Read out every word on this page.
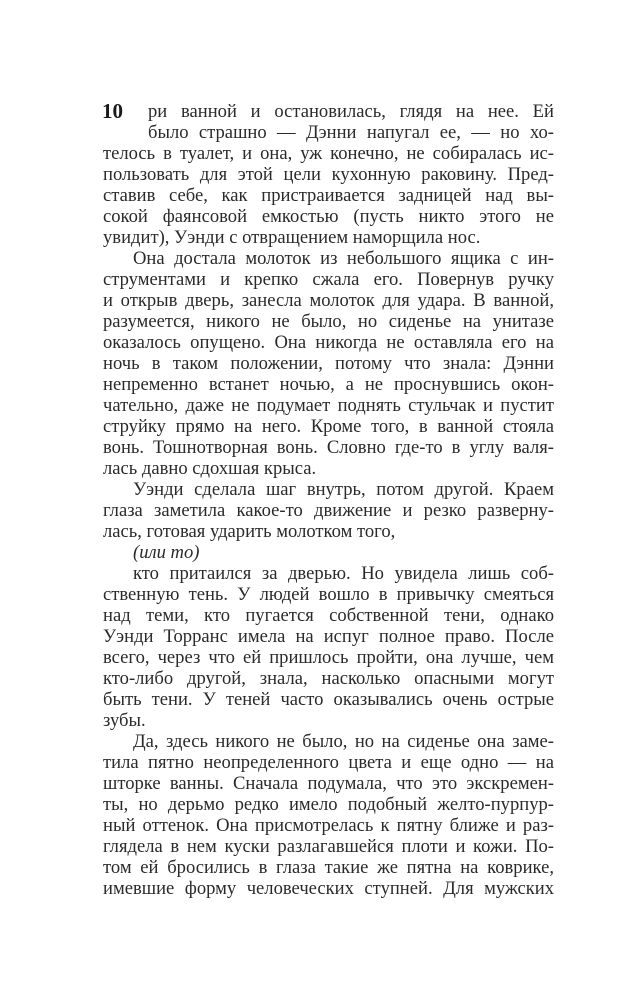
10	ри ванной и остановилась, глядя на нее. Ей
было страшно — Дэнни напугал ее, — но хо-
телось в туалет, и она, уж конечно, не собиралась ис-
пользовать для этой цели кухонную раковину. Пред-
ставив себе, как пристраивается задницей над вы-
сокой фаянсовой емкостью (пусть никто этого не
увидит), Уэнди с отвращением наморщила нос.
Она достала молоток из небольшого ящика с ин-
струментами и крепко сжала его. Повернув ручку
и открыв дверь, занесла молоток для удара. В ванной,
разумеется, никого не было, но сиденье на унитазе
оказалось опущено. Она никогда не оставляла его на
ночь в таком положении, потому что знала: Дэнни
непременно встанет ночью, а не проснувшись окон-
чательно, даже не подумает поднять стульчак и пустит
струйку прямо на него. Кроме того, в ванной стояла
вонь. Тошнотворная вонь. Словно где-то в углу валя-
лась давно сдохшая крыса.
Уэнди сделала шаг внутрь, потом другой. Краем
глаза заметила какое-то движение и резко разверну-
лась, готовая ударить молотком того,
(или то)
кто притаился за дверью. Но увидела лишь соб-
ственную тень. У людей вошло в привычку смеяться
над теми, кто пугается собственной тени, однако
Уэнди Торранс имела на испуг полное право. После
всего, через что ей пришлось пройти, она лучше, чем
кто-либо другой, знала, насколько опасными могут
быть тени. У теней часто оказывались очень острые
зубы.
Да, здесь никого не было, но на сиденье она заме-
тила пятно неопределенного цвета и еще одно — на
шторке ванны. Сначала подумала, что это экскремен-
ты, но дерьмо редко имело подобный желто-пурпур-
ный оттенок. Она присмотрелась к пятну ближе и раз-
глядела в нем куски разлагавшейся плоти и кожи. По-
том ей бросились в глаза такие же пятна на коврике,
имевшие форму человеческих ступней. Для мужских
